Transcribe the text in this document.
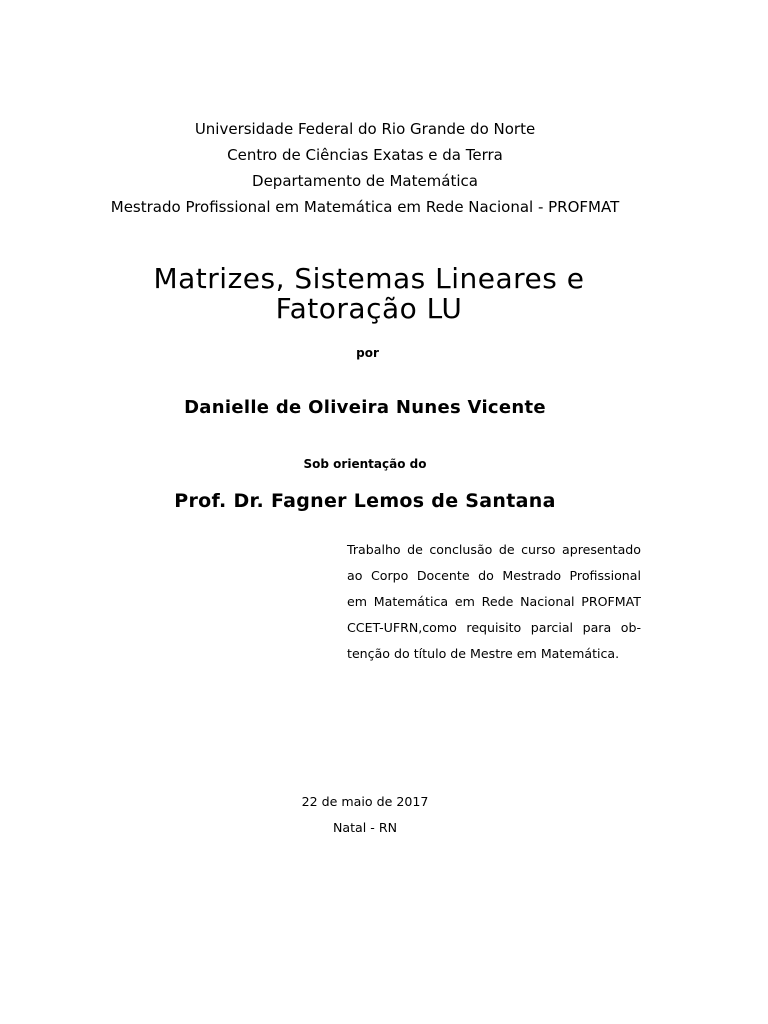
Universidade Federal do Rio Grande do Norte
Centro de Ciências Exatas e da Terra
Departamento de Matemática
Mestrado Profissional em Matemática em Rede Nacional - PROFMAT
Matrizes, Sistemas Lineares e
Fatoração LU
por
Danielle de Oliveira Nunes Vicente
Sob orientação do
Prof. Dr. Fagner Lemos de Santana
Trabalho de conclusão de curso apresentado
ao Corpo Docente do Mestrado Profissional
em Matemática em Rede Nacional PROFMAT
CCET-UFRN,como requisito parcial para ob-
tenção do título de Mestre em Matemática.
22 de maio de 2017
Natal - RN
